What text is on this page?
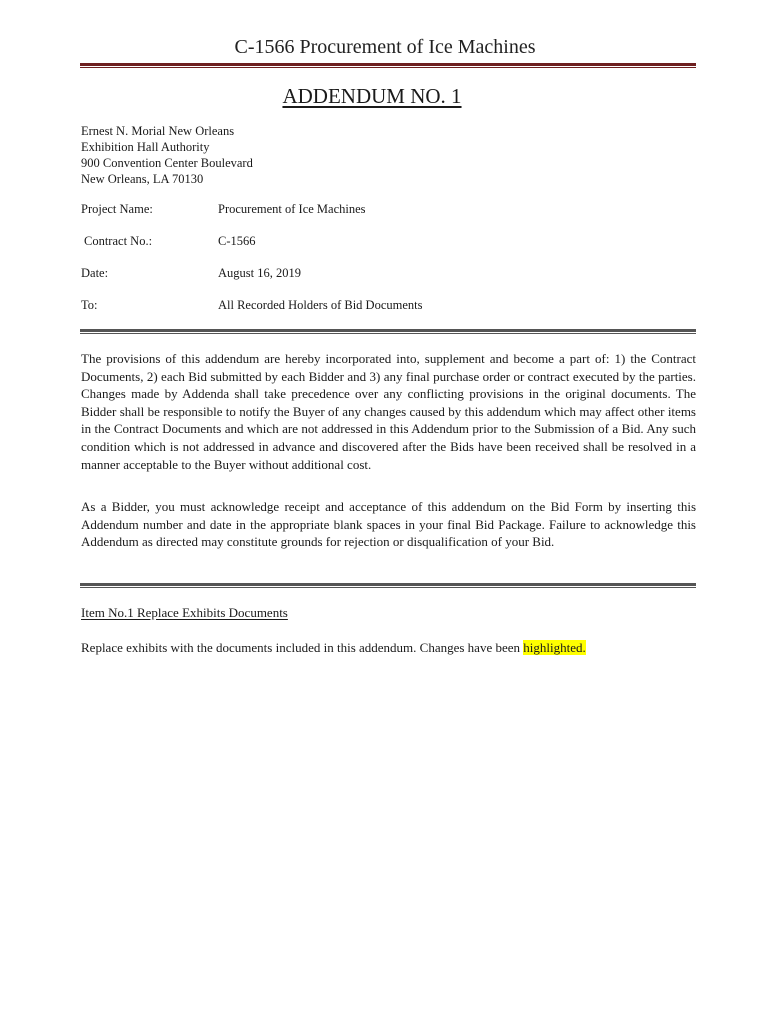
C-1566 Procurement of Ice Machines
ADDENDUM NO. 1
Ernest N. Morial New Orleans
Exhibition Hall Authority
900 Convention Center Boulevard
New Orleans, LA 70130
Project Name:	Procurement of Ice Machines
Contract No.:	C-1566
Date:	August 16, 2019
To:	All Recorded Holders of Bid Documents
The provisions of this addendum are hereby incorporated into, supplement and become a part of: 1) the Contract Documents, 2) each Bid submitted by each Bidder and 3) any final purchase order or contract executed by the parties. Changes made by Addenda shall take precedence over any conflicting provisions in the original documents. The Bidder shall be responsible to notify the Buyer of any changes caused by this addendum which may affect other items in the Contract Documents and which are not addressed in this Addendum prior to the Submission of a Bid. Any such condition which is not addressed in advance and discovered after the Bids have been received shall be resolved in a manner acceptable to the Buyer without additional cost.
As a Bidder, you must acknowledge receipt and acceptance of this addendum on the Bid Form by inserting this Addendum number and date in the appropriate blank spaces in your final Bid Package. Failure to acknowledge this Addendum as directed may constitute grounds for rejection or disqualification of your Bid.
Item No.1 Replace Exhibits Documents
Replace exhibits with the documents included in this addendum. Changes have been highlighted.
